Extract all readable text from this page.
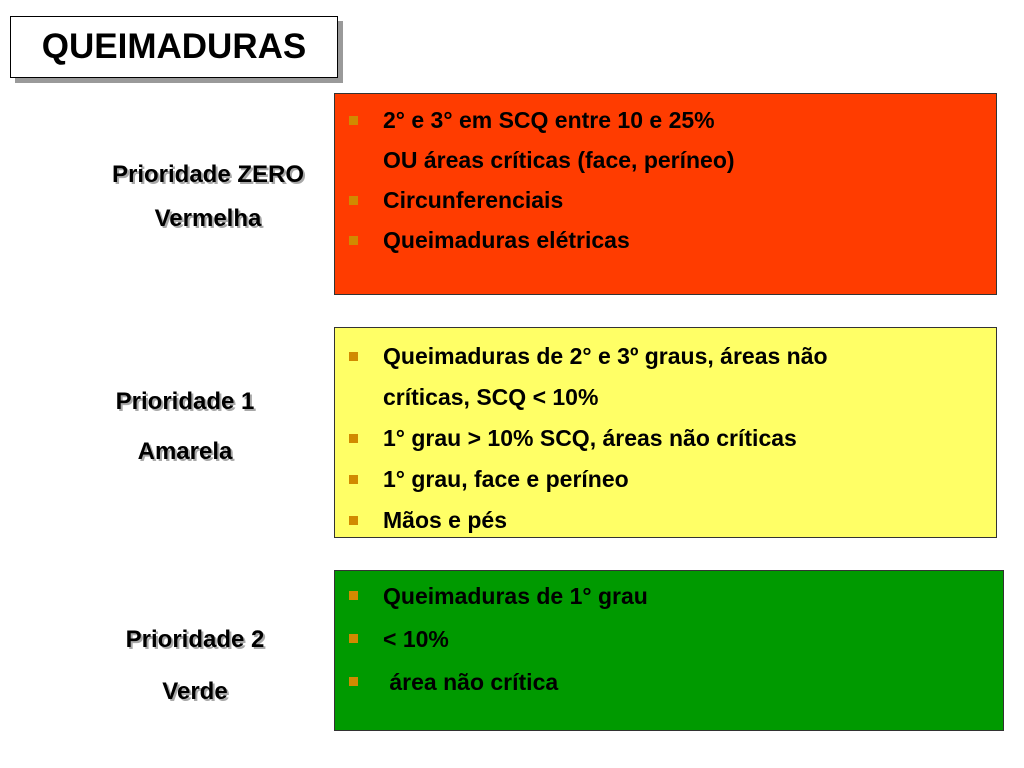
QUEIMADURAS
Prioridade ZERO
Vermelha
2° e 3° em SCQ entre 10 e 25%
OU áreas críticas (face, períneo)
Circunferenciais
Queimaduras elétricas
Prioridade 1
Amarela
Queimaduras de 2° e 3º graus, áreas não
críticas, SCQ < 10%
1° grau > 10% SCQ, áreas não críticas
1° grau, face e períneo
Mãos e pés
Prioridade 2
Verde
Queimaduras de 1° grau
< 10%
área não crítica
